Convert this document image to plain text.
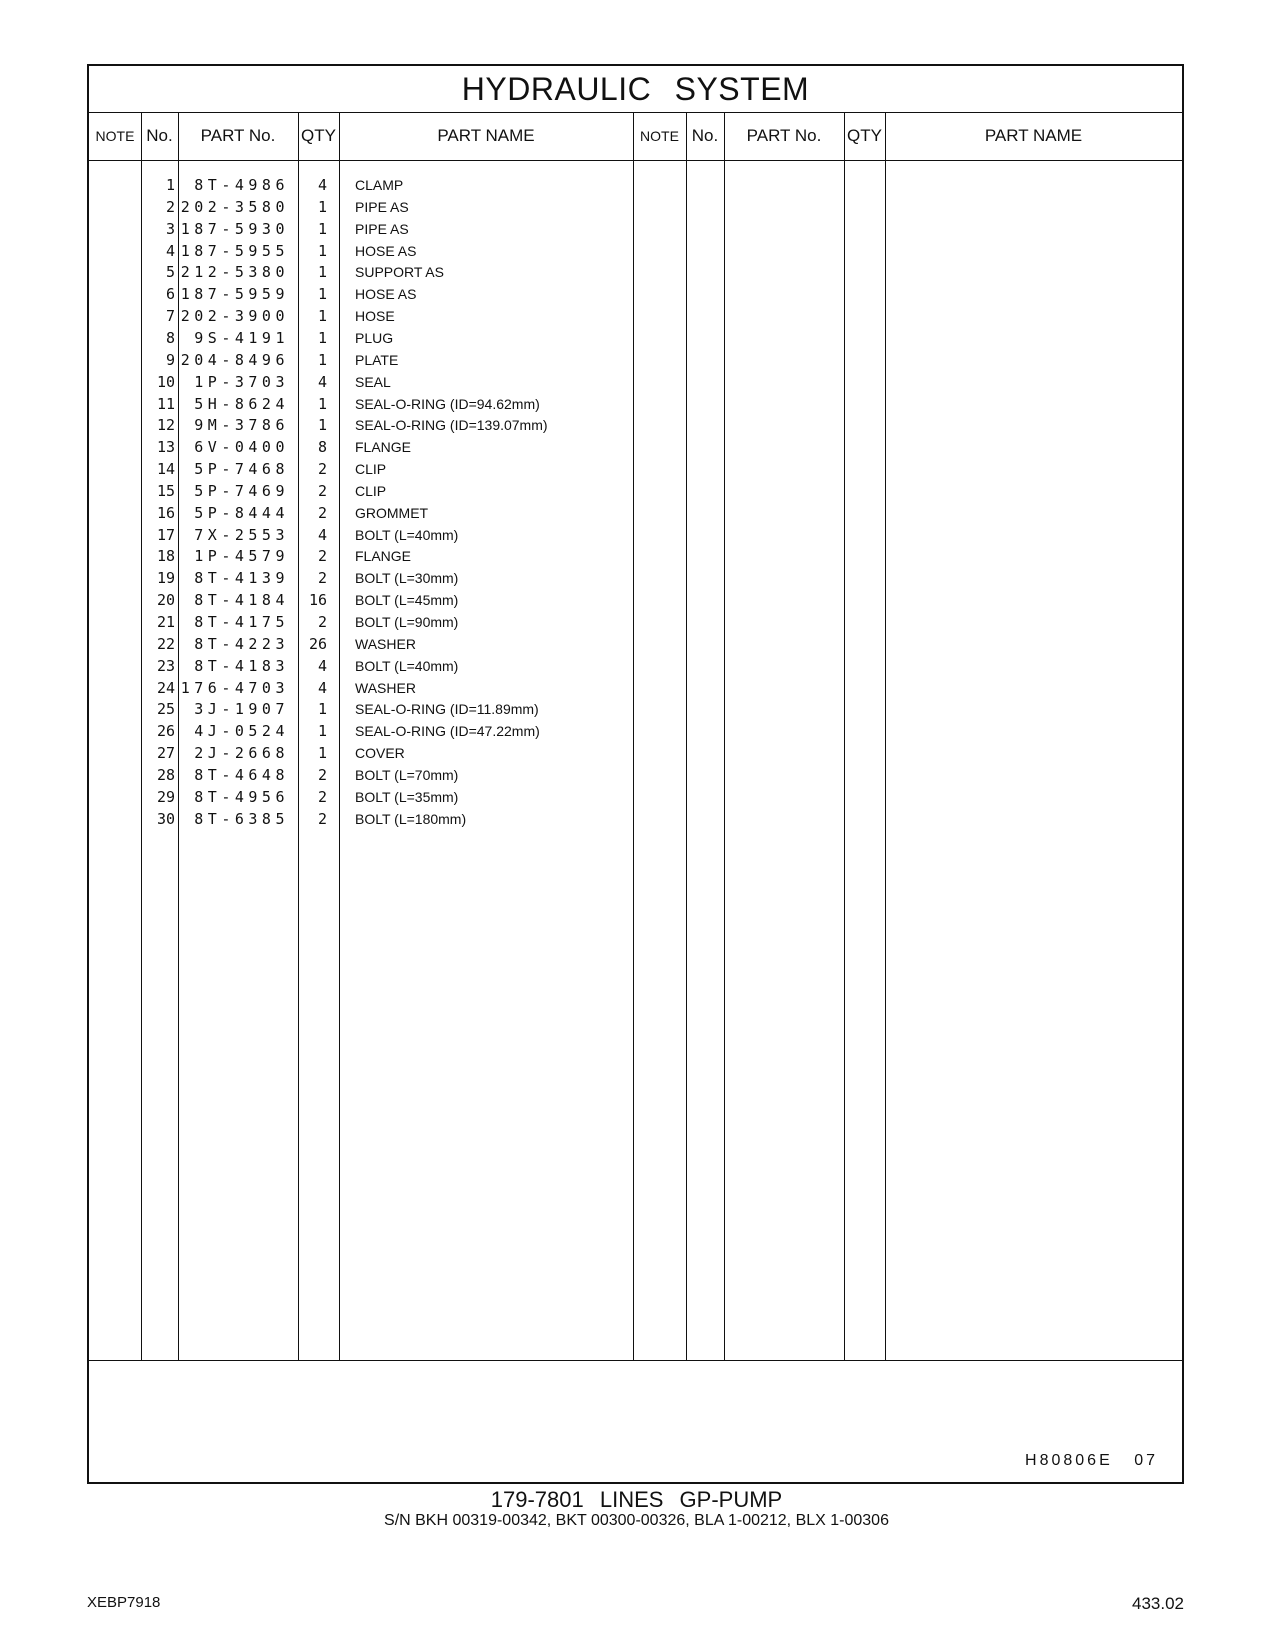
HYDRAULIC SYSTEM
NOTE No.	PART No.	QTY	PART NAME	NOTE No.	PART No.	QTY	PART NAME
1	8T-4986	4 CLAMP
2 202-3580	1 PIPE AS
3 187-5930	1 PIPE AS
4 187-5955	1 HOSE AS
5 212-5380	1 SUPPORT AS
6 187-5959	1 HOSE AS
7 202-3900	1 HOSE
8	9S-4191	1 PLUG
9 204-8496	1 PLATE
10	1P-3703	4 SEAL
11	5H-8624	1 SEAL-O-RING (ID=94.62mm)
12	9M-3786	1 SEAL-O-RING (ID=139.07mm)
13	6V-0400	8 FLANGE
14	5P-7468	2 CLIP
15	5P-7469	2 CLIP
16	5P-8444	2 GROMMET
17	7X-2553	4 BOLT (L=40mm)
18	1P-4579	2 FLANGE
19	8T-4139	2 BOLT (L=30mm)
20	8T-4184	16 BOLT (L=45mm)
21	8T-4175	2 BOLT (L=90mm)
22	8T-4223	26 WASHER
23	8T-4183	4 BOLT (L=40mm)
24 176-4703	4 WASHER
25	3J-1907	1 SEAL-O-RING (ID=11.89mm)
26	4J-0524	1 SEAL-O-RING (ID=47.22mm)
27	2J-2668	1 COVER
28	8T-4648	2 BOLT (L=70mm)
29	8T-4956	2 BOLT (L=35mm)
30	8T-6385	2 BOLT (L=180mm)
H80806E 07
179-7801 LINES GP-PUMP
S/N BKH 00319-00342, BKT 00300-00326, BLA 1-00212, BLX 1-00306
XEBP7918	433.02
